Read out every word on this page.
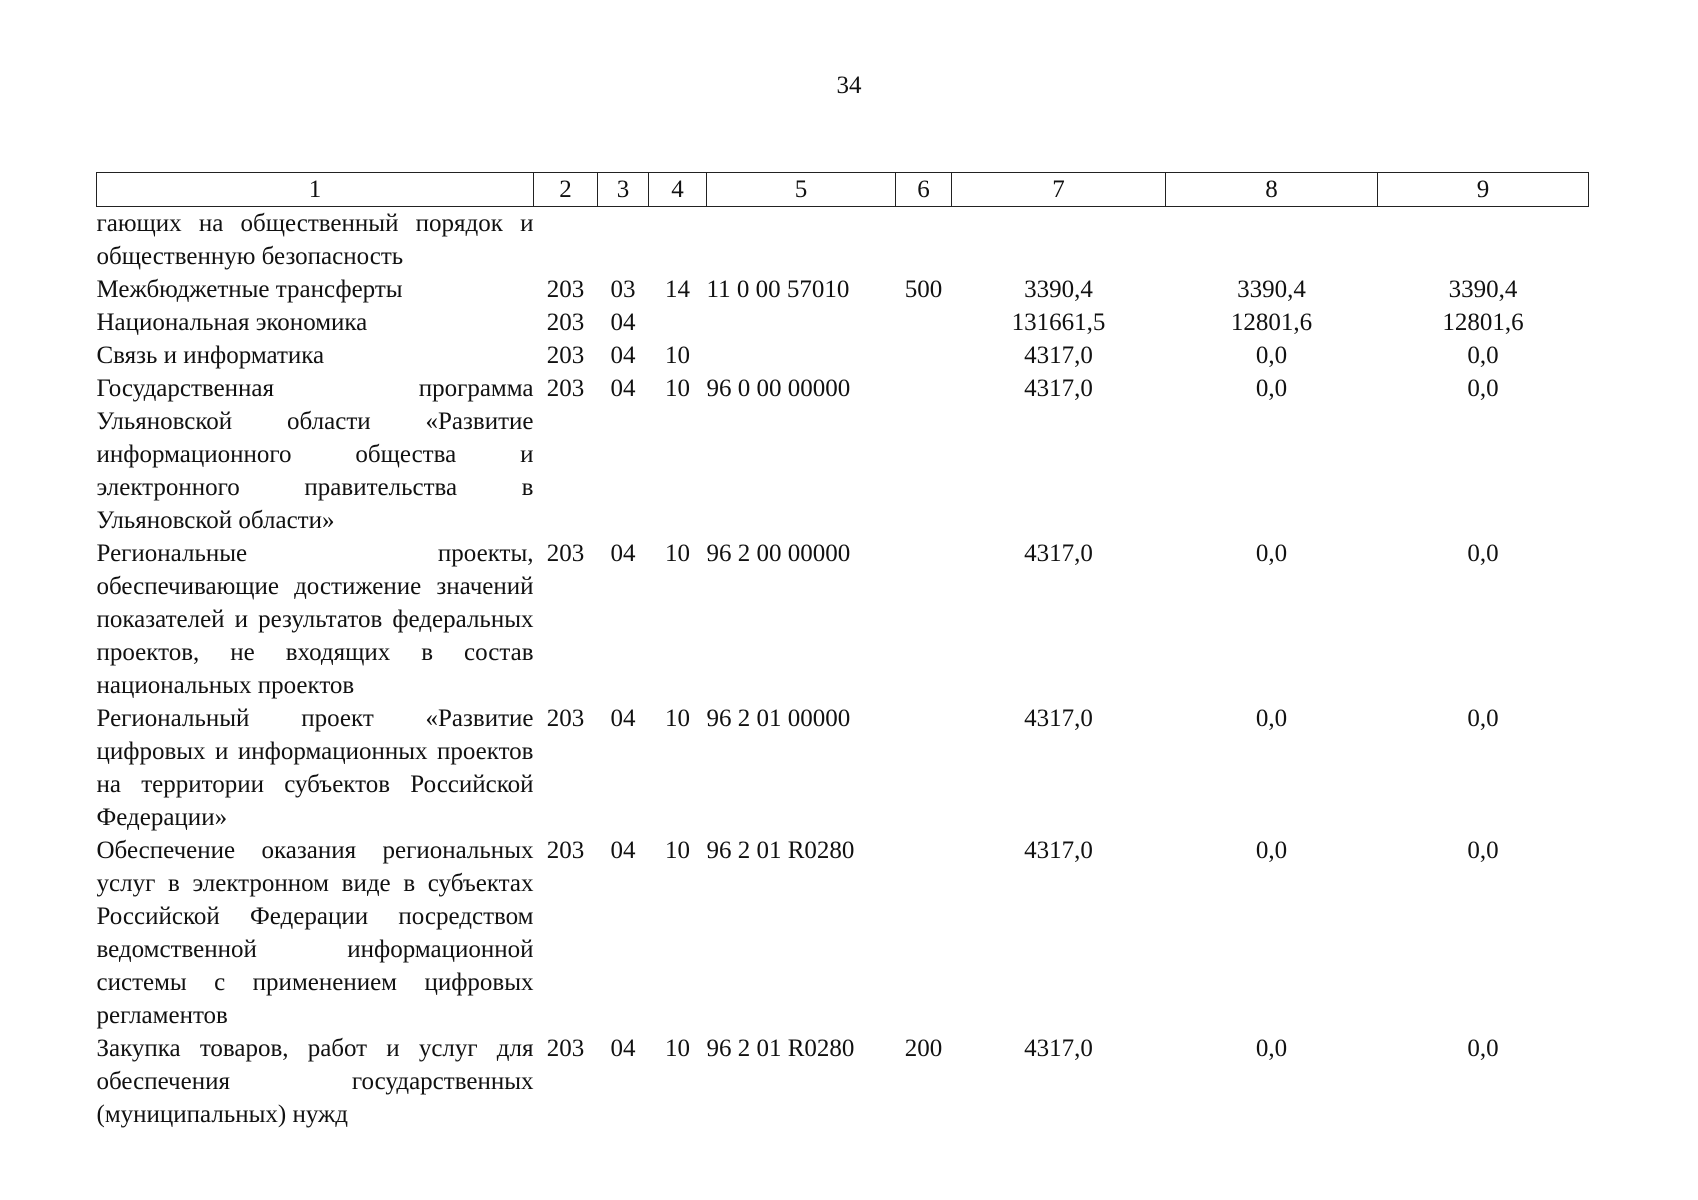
34
1	2	3	4	5	6	7	8	9
гающих на общественный порядок и общественную безопасность								
Межбюджетные трансферты	203	03	14	11 0 00 57010	500	3390,4	3390,4	3390,4
Национальная экономика	203	04				131661,5	12801,6	12801,6
Связь и информатика	203	04	10			4317,0	0,0	0,0
Государственная программа Ульяновской области «Развитие информационного общества и электронного правительства в Ульяновской области»	203	04	10	96 0 00 00000		4317,0	0,0	0,0
Региональные проекты, обеспечивающие достижение значений показателей и результатов федеральных проектов, не входящих в состав национальных проектов	203	04	10	96 2 00 00000		4317,0	0,0	0,0
Региональный проект «Развитие цифровых и информационных проектов на территории субъектов Российской Федерации»	203	04	10	96 2 01 00000		4317,0	0,0	0,0
Обеспечение оказания региональных услуг в электронном виде в субъектах Российской Федерации посредством ведомственной информационной системы с применением цифровых регламентов	203	04	10	96 2 01 R0280		4317,0	0,0	0,0
Закупка товаров, работ и услуг для обеспечения государственных (муниципальных) нужд	203	04	10	96 2 01 R0280	200	4317,0	0,0	0,0
